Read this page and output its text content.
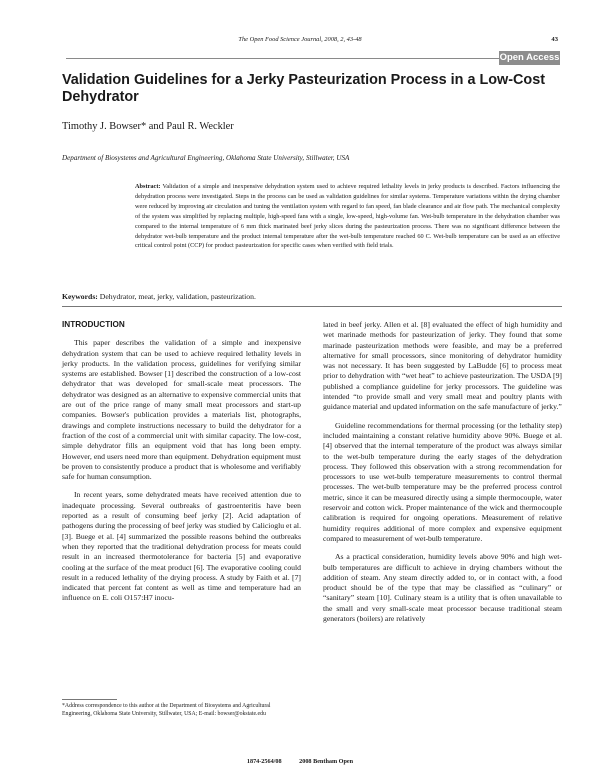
The Open Food Science Journal, 2008, 2, 43-48	43
Open Access
Validation Guidelines for a Jerky Pasteurization Process in a Low-Cost Dehydrator
Timothy J. Bowser* and Paul R. Weckler
Department of Biosystems and Agricultural Engineering, Oklahoma State University, Stillwater, USA

Abstract: Validation of a simple and inexpensive dehydration system used to achieve required lethality levels in jerky products is described. Factors influencing the dehydration process were investigated. Steps in the process can be used as validation guidelines for similar systems. Temperature variations within the drying chamber were reduced by improving air circulation and tuning the ventilation system with regard to fan speed, fan blade clearance and air flow path. The mechanical complexity of the system was simplified by replacing multiple, high-speed fans with a single, low-speed, high-volume fan. Wet-bulb temperature in the dehydration chamber was compared to the internal temperature of 6 mm thick marinated beef jerky slices during the pasteurization process. There was no significant difference between the dehydrator wet-bulb temperature and the product internal temperature after the wet-bulb temperature reached 60 C. Wet-bulb temperature can be used as an effective critical control point (CCP) for product pasteurization for specific cases when verified with field trials.

Keywords: Dehydrator, meat, jerky, validation, pasteurization.
INTRODUCTION

This paper describes the validation of a simple and inexpensive dehydration system that can be used to achieve required lethality levels in jerky products. In the validation process, guidelines for verifying similar systems are established. Bowser [1] described the construction of a low-cost dehydrator that was developed for small-scale meat processors. The dehydrator was designed as an alternative to expensive commercial units that are out of the price range of many small meat processors and start-up companies. Bowser's publication provides a materials list, photographs, drawings and complete instructions necessary to build the dehydrator for a fraction of the cost of a commercial unit with similar capacity. The low-cost, simple dehydrator fills an equipment void that has long been empty. However, end users need more than equipment. Dehydration equipment must be proven to consistently produce a product that is wholesome and verifiably safe for human consumption.

In recent years, some dehydrated meats have received attention due to inadequate processing. Several outbreaks of gastroenteritis have been reported as a result of consuming beef jerky [2]. Acid adaptation of pathogens during the processing of beef jerky was studied by Calicioglu et al. [3]. Buege et al. [4] summarized the possible reasons behind the outbreaks when they reported that the traditional dehydration process for meats could result in an increased thermotolerance for bacteria [5] and evaporative cooling at the surface of the meat product [6]. The evaporative cooling could result in a reduced lethality of the drying process. A study by Faith et al. [7] indicated that percent fat content as well as time and temperature had an influence on E. coli O157:H7 inocu-

lated in beef jerky. Allen et al. [8] evaluated the effect of high humidity and wet marinade methods for pasteurization of jerky. They found that some marinade pasteurization methods were feasible, and may be a preferred alternative for small processors, since monitoring of dehydrator humidity was not necessary. It has been suggested by LaBudde [6] to process meat prior to dehydration with “wet heat” to achieve pasteurization. The USDA [9] published a compliance guideline for jerky processors. The guideline was intended “to provide small and very small meat and poultry plants with guidance material and updated information on the safe manufacture of jerky.”

Guideline recommendations for thermal processing (or the lethality step) included maintaining a constant relative humidity above 90%. Buege et al. [4] observed that the internal temperature of the product was always similar to the wet-bulb temperature during the early stages of the dehydration process. They followed this observation with a strong recommendation for processors to use wet-bulb temperature measurements to control thermal processes. The wet-bulb temperature may be the preferred process control metric, since it can be measured directly using a simple thermocouple, water reservoir and cotton wick. Proper maintenance of the wick and thermocouple calibration is required for ongoing operations. Measurement of relative humidity requires additional of more complex and expensive equipment compared to measurement of wet-bulb temperature.

As a practical consideration, humidity levels above 90% and high wet-bulb temperatures are difficult to achieve in drying chambers without the addition of steam. Any steam directly added to, or in contact with, a food product should be of the type that may be classified as “culinary” or “sanitary” steam [10]. Culinary steam is a utility that is often unavailable to the small and very small-scale meat processor because traditional steam generators (boilers) are relatively

*Address correspondence to this author at the Department of Biosystems and Agricultural Engineering, Oklahoma State University, Stillwater, USA; E-mail: bowser@okstate.edu
1874-2564/08	2008 Bentham Open
